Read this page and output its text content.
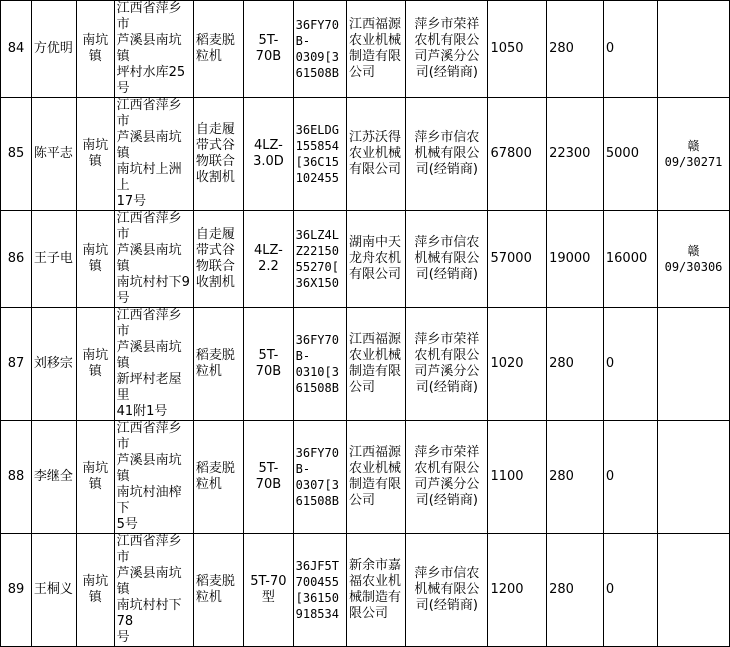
84	方优明	南坑
镇	江西省萍乡市
芦溪县南坑镇
坪村水库25号	稻麦脱
粒机	5T-
70B	36FY70
B-
0309[3
61508B	江西福源
农业机械
制造有限
公司	萍乡市荣祥
农机有限公
司芦溪分公
司(经销商)	1050	280	0	
85	陈平志	南坑
镇	江西省萍乡市
芦溪县南坑镇
南坑村上洲上
17号	自走履
带式谷
物联合
收割机	4LZ-
3.0D	36ELDG
155854
[36C15
102455	江苏沃得
农业机械
有限公司	萍乡市信农
机械有限公
司(经销商)	67800	22300	5000	赣
09/30271
86	王子电	南坑
镇	江西省萍乡市
芦溪县南坑镇
南坑村村下9
号	自走履
带式谷
物联合
收割机	4LZ-
2.2	36LZ4L
Z22150
55270[
36X150	湖南中天
龙舟农机
有限公司	萍乡市信农
机械有限公
司(经销商)	57000	19000	16000	赣
09/30306
87	刘移宗	南坑
镇	江西省萍乡市
芦溪县南坑镇
新坪村老屋里
41附1号	稻麦脱
粒机	5T-
70B	36FY70
B-
0310[3
61508B	江西福源
农业机械
制造有限
公司	萍乡市荣祥
农机有限公
司芦溪分公
司(经销商)	1020	280	0	
88	李继全	南坑
镇	江西省萍乡市
芦溪县南坑镇
南坑村油榨下
5号	稻麦脱
粒机	5T-
70B	36FY70
B-
0307[3
61508B	江西福源
农业机械
制造有限
公司	萍乡市荣祥
农机有限公
司芦溪分公
司(经销商)	1100	280	0	
89	王桐义	南坑
镇	江西省萍乡市
芦溪县南坑镇
南坑村村下78
号	稻麦脱
粒机	5T-70
型	36JF5T
700455
[36150
918534	新余市嘉
福农业机
械制造有
限公司	萍乡市信农
机械有限公
司(经销商)	1200	280	0	
